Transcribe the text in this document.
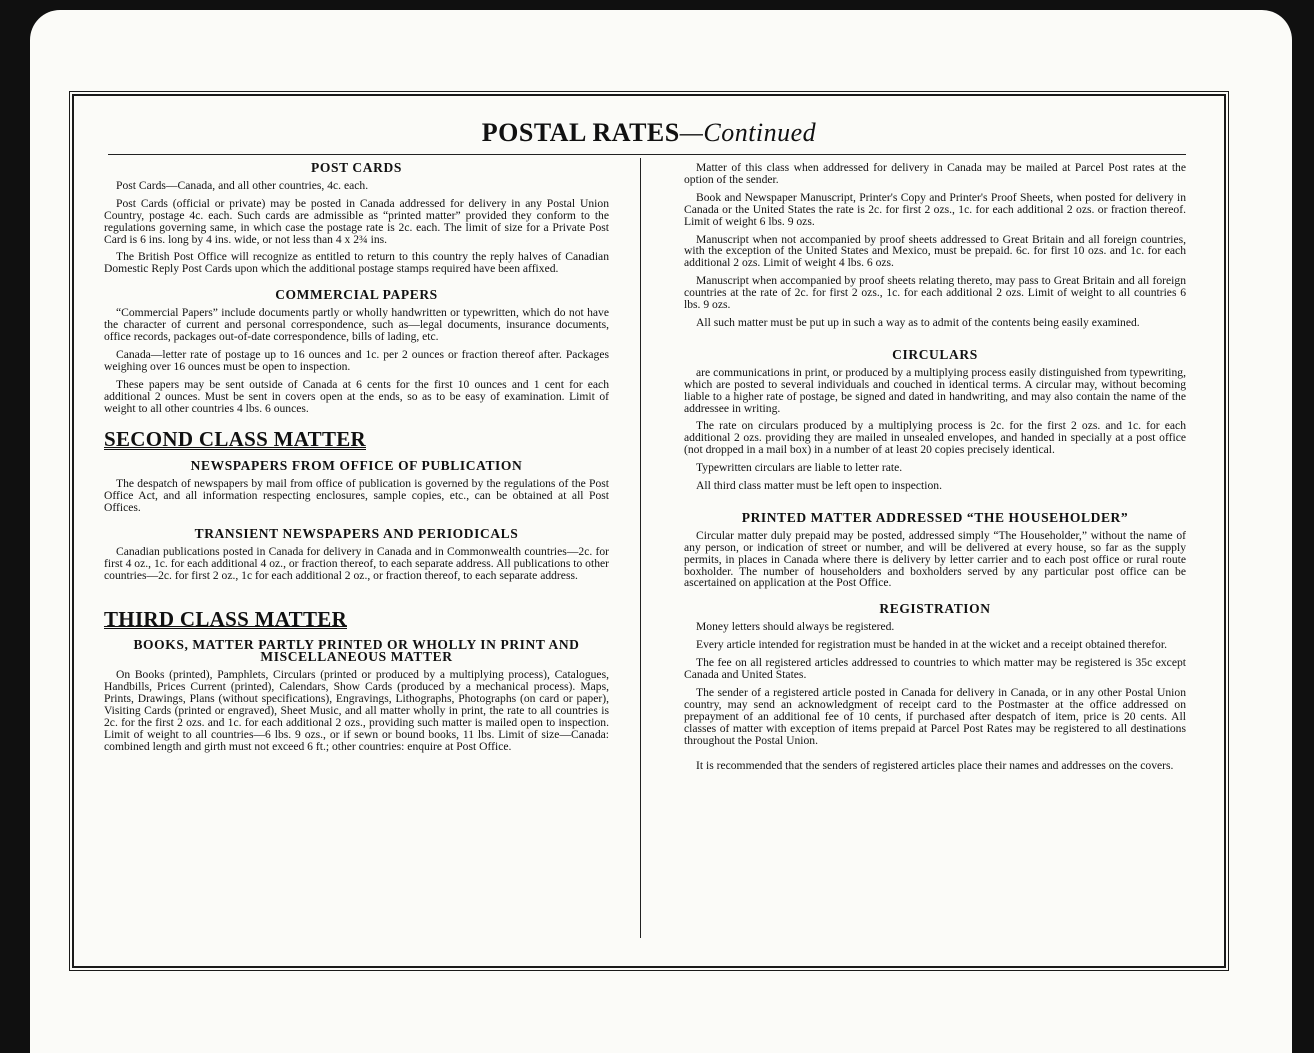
POSTAL RATES—Continued
POST CARDS

Post Cards—Canada, and all other countries, 4c. each.

Post Cards (official or private) may be posted in Canada addressed for delivery in any Postal Union Country, postage 4c. each. Such cards are admissible as “printed matter” provided they conform to the regulations governing same, in which case the postage rate is 2c. each. The limit of size for a Private Post Card is 6 ins. long by 4 ins. wide, or not less than 4 x 2¾ ins.

The British Post Office will recognize as entitled to return to this country the reply halves of Canadian Domestic Reply Post Cards upon which the additional postage stamps required have been affixed.

COMMERCIAL PAPERS

“Commercial Papers” include documents partly or wholly handwritten or typewritten, which do not have the character of current and personal correspondence, such as—legal documents, insurance documents, office records, packages out-of-date correspondence, bills of lading, etc.

Canada—letter rate of postage up to 16 ounces and 1c. per 2 ounces or fraction thereof after. Packages weighing over 16 ounces must be open to inspection.

These papers may be sent outside of Canada at 6 cents for the first 10 ounces and 1 cent for each additional 2 ounces. Must be sent in covers open at the ends, so as to be easy of examination. Limit of weight to all other countries 4 lbs. 6 ounces.

SECOND CLASS MATTER
NEWSPAPERS FROM OFFICE OF PUBLICATION

The despatch of newspapers by mail from office of publication is governed by the regulations of the Post Office Act, and all information respecting enclosures, sample copies, etc., can be obtained at all Post Offices.

TRANSIENT NEWSPAPERS AND PERIODICALS

Canadian publications posted in Canada for delivery in Canada and in Commonwealth countries—2c. for first 4 oz., 1c. for each additional 4 oz., or fraction thereof, to each separate address. All publications to other countries—2c. for first 2 oz., 1c for each additional 2 oz., or fraction thereof, to each separate address.

THIRD CLASS MATTER
BOOKS, MATTER PARTLY PRINTED OR WHOLLY IN PRINT AND MISCELLANEOUS MATTER

On Books (printed), Pamphlets, Circulars (printed or produced by a multiplying process), Catalogues, Handbills, Prices Current (printed), Calendars, Show Cards (produced by a mechanical process). Maps, Prints, Drawings, Plans (without specifications), Engravings, Lithographs, Photographs (on card or paper), Visiting Cards (printed or engraved), Sheet Music, and all matter wholly in print, the rate to all countries is 2c. for the first 2 ozs. and 1c. for each additional 2 ozs., providing such matter is mailed open to inspection. Limit of weight to all countries—6 lbs. 9 ozs., or if sewn or bound books, 11 lbs. Limit of size—Canada: combined length and girth must not exceed 6 ft.; other countries: enquire at Post Office.

Matter of this class when addressed for delivery in Canada may be mailed at Parcel Post rates at the option of the sender.

Book and Newspaper Manuscript, Printer's Copy and Printer's Proof Sheets, when posted for delivery in Canada or the United States the rate is 2c. for first 2 ozs., 1c. for each additional 2 ozs. or fraction thereof. Limit of weight 6 lbs. 9 ozs.

Manuscript when not accompanied by proof sheets addressed to Great Britain and all foreign countries, with the exception of the United States and Mexico, must be prepaid. 6c. for first 10 ozs. and 1c. for each additional 2 ozs. Limit of weight 4 lbs. 6 ozs.

Manuscript when accompanied by proof sheets relating thereto, may pass to Great Britain and all foreign countries at the rate of 2c. for first 2 ozs., 1c. for each additional 2 ozs. Limit of weight to all countries 6 lbs. 9 ozs.

All such matter must be put up in such a way as to admit of the contents being easily examined.

CIRCULARS

are communications in print, or produced by a multiplying process easily distinguished from typewriting, which are posted to several individuals and couched in identical terms. A circular may, without becoming liable to a higher rate of postage, be signed and dated in handwriting, and may also contain the name of the addressee in writing.

The rate on circulars produced by a multiplying process is 2c. for the first 2 ozs. and 1c. for each additional 2 ozs. providing they are mailed in unsealed envelopes, and handed in specially at a post office (not dropped in a mail box) in a number of at least 20 copies precisely identical.

Typewritten circulars are liable to letter rate.

All third class matter must be left open to inspection.

PRINTED MATTER ADDRESSED “THE HOUSEHOLDER”

Circular matter duly prepaid may be posted, addressed simply “The Householder,” without the name of any person, or indication of street or number, and will be delivered at every house, so far as the supply permits, in places in Canada where there is delivery by letter carrier and to each post office or rural route boxholder. The number of householders and boxholders served by any particular post office can be ascertained on application at the Post Office.

REGISTRATION

Money letters should always be registered.

Every article intended for registration must be handed in at the wicket and a receipt obtained therefor.

The fee on all registered articles addressed to countries to which matter may be registered is 35c except Canada and United States.

The sender of a registered article posted in Canada for delivery in Canada, or in any other Postal Union country, may send an acknowledgment of receipt card to the Postmaster at the office addressed on prepayment of an additional fee of 10 cents, if purchased after despatch of item, price is 20 cents. All classes of matter with exception of items prepaid at Parcel Post Rates may be registered to all destinations throughout the Postal Union.

It is recommended that the senders of registered articles place their names and addresses on the covers.
